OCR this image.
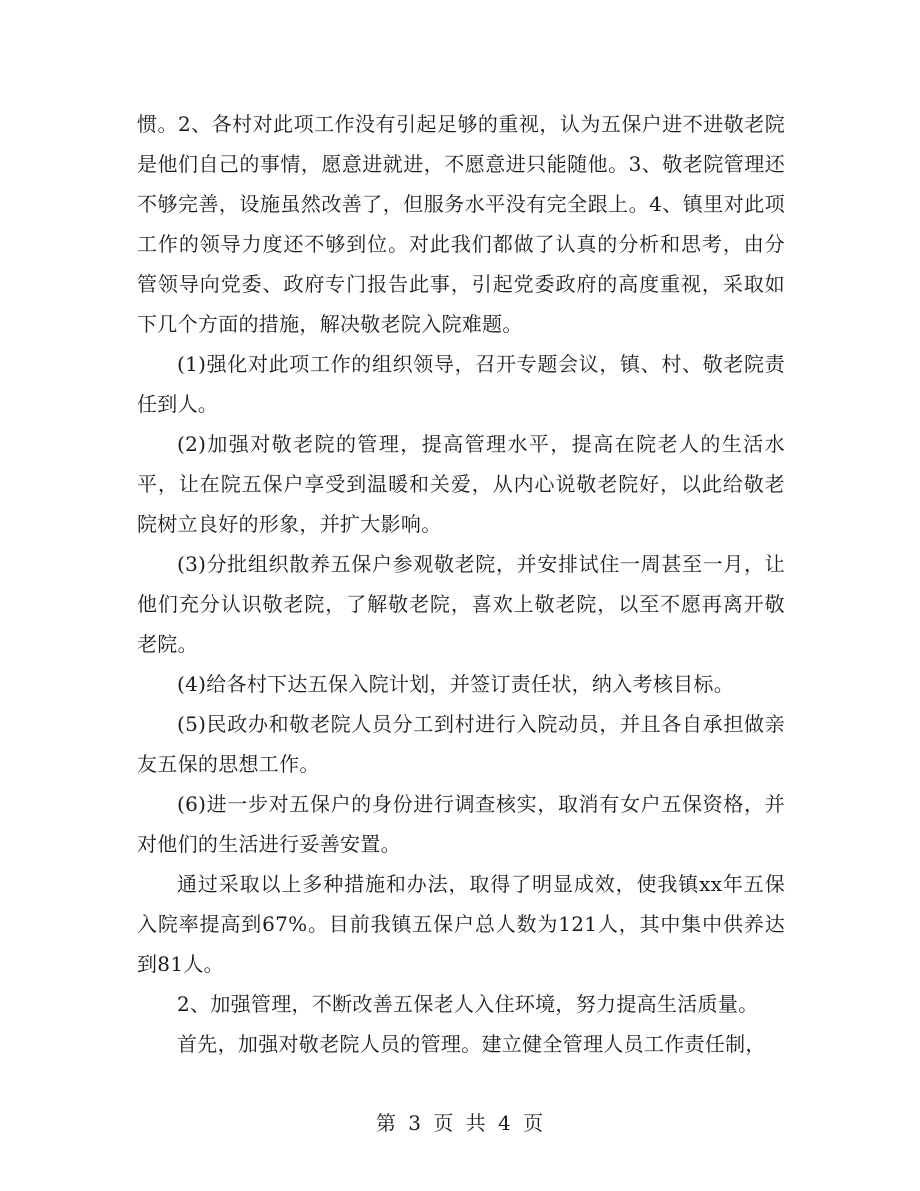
惯。2、各村对此项工作没有引起足够的重视，认为五保户进不进敬老院是他们自己的事情，愿意进就进，不愿意进只能随他。3、敬老院管理还不够完善，设施虽然改善了，但服务水平没有完全跟上。4、镇里对此项工作的领导力度还不够到位。对此我们都做了认真的分析和思考，由分管领导向党委、政府专门报告此事，引起党委政府的高度重视，采取如下几个方面的措施，解决敬老院入院难题。

(1)强化对此项工作的组织领导，召开专题会议，镇、村、敬老院责任到人。

(2)加强对敬老院的管理，提高管理水平，提高在院老人的生活水平，让在院五保户享受到温暖和关爱，从内心说敬老院好，以此给敬老院树立良好的形象，并扩大影响。

(3)分批组织散养五保户参观敬老院，并安排试住一周甚至一月，让他们充分认识敬老院，了解敬老院，喜欢上敬老院，以至不愿再离开敬老院。

(4)给各村下达五保入院计划，并签订责任状，纳入考核目标。

(5)民政办和敬老院人员分工到村进行入院动员，并且各自承担做亲友五保的思想工作。

(6)进一步对五保户的身份进行调查核实，取消有女户五保资格，并对他们的生活进行妥善安置。

通过采取以上多种措施和办法，取得了明显成效，使我镇xx年五保入院率提高到67%。目前我镇五保户总人数为121人，其中集中供养达到81人。

2、加强管理，不断改善五保老人入住环境，努力提高生活质量。

首先，加强对敬老院人员的管理。建立健全管理人员工作责任制，

第 3 页 共 4 页
